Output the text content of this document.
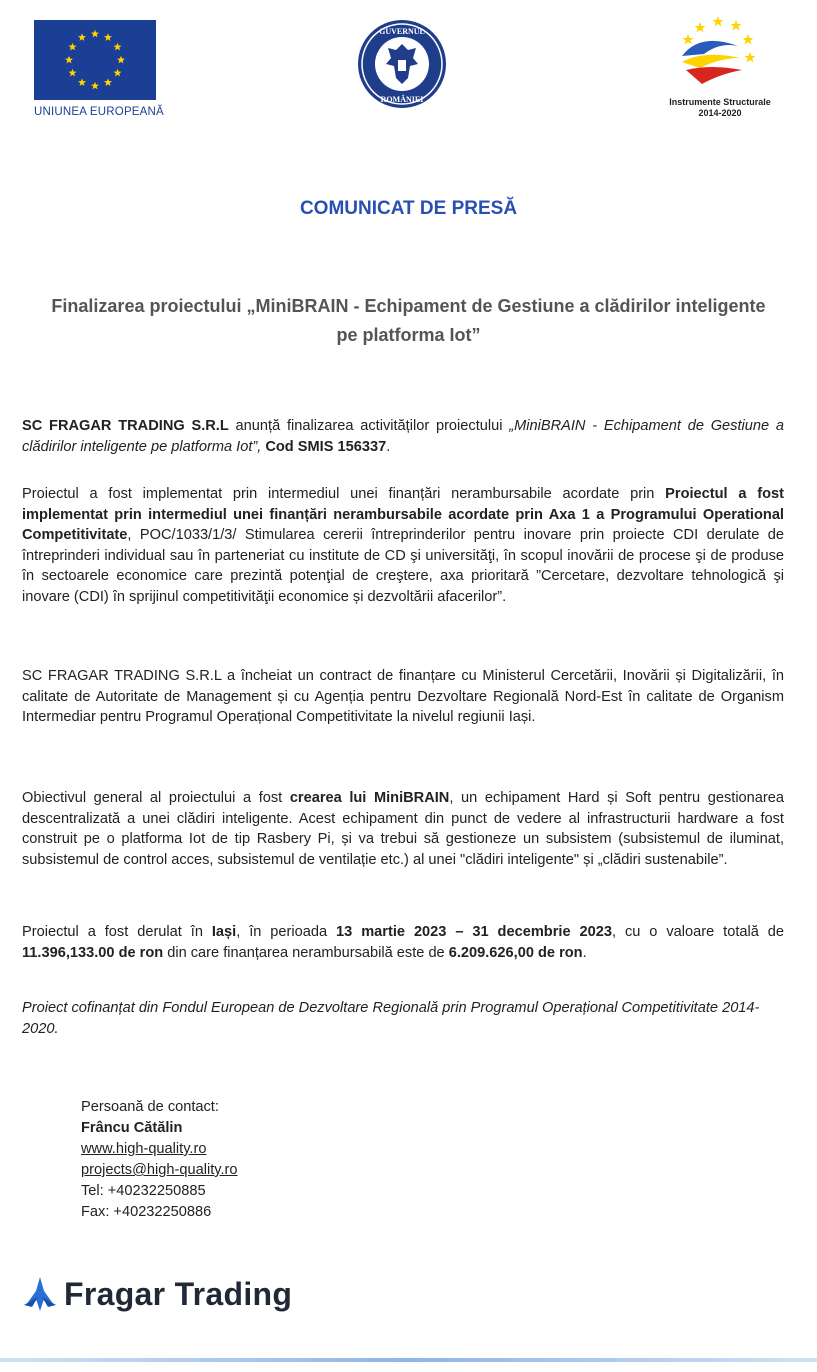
UNIUNEA EUROPEANĂ
GUVERNUL
ROMÂNIEI	Instrumente Structurale
2014-2020
COMUNICAT DE PRESĂ
Finalizarea proiectului „MiniBRAIN - Echipament de Gestiune a clădirilor inteligente pe platforma Iot”

SC FRAGAR TRADING S.R.L anunță finalizarea activităților proiectului „MiniBRAIN - Echipament de Gestiune a clădirilor inteligente pe platforma Iot”, Cod SMIS 156337.

Proiectul a fost implementat prin intermediul unei finanțări nerambursabile acordate prin Proiectul a fost implementat prin intermediul unei finanțări nerambursabile acordate prin Axa 1 a Programului Operational Competitivitate, POC/1033/1/3/ Stimularea cererii întreprinderilor pentru inovare prin proiecte CDI derulate de întreprinderi individual sau în parteneriat cu institute de CD şi universităţi, în scopul inovării de procese şi de produse în sectoarele economice care prezintă potenţial de creştere, axa prioritară ”Cercetare, dezvoltare tehnologică şi inovare (CDI) în sprijinul competitivităţii economice și dezvoltării afacerilor”.

SC FRAGAR TRADING S.R.L a încheiat un contract de finanțare cu Ministerul Cercetării, Inovării și Digitalizării, în calitate de Autoritate de Management și cu Agenția pentru Dezvoltare Regională Nord-Est în calitate de Organism Intermediar pentru Programul Operațional Competitivitate la nivelul regiunii Iași.

Obiectivul general al proiectului a fost crearea lui MiniBRAIN, un echipament Hard și Soft pentru gestionarea descentralizată a unei clădiri inteligente. Acest echipament din punct de vedere al infrastructurii hardware a fost construit pe o platforma Iot de tip Rasbery Pi, și va trebui să gestioneze un subsistem (subsistemul de iluminat, subsistemul de control acces, subsistemul de ventilație etc.) al unei "clădiri inteligente" și „clădiri sustenabile”.

Proiectul a fost derulat în Iași, în perioada 13 martie 2023 – 31 decembrie 2023, cu o valoare totală de 11.396,133.00 de ron din care finanțarea nerambursabilă este de 6.209.626,00 de ron.

Proiect cofinanțat din Fondul European de Dezvoltare Regională prin Programul Operațional Competitivitate 2014-2020.

Persoană de contact:
Frâncu Cătălin
www.high-quality.ro
projects@high-quality.ro
Tel: +40232250885
Fax: +40232250886
Fragar Trading
